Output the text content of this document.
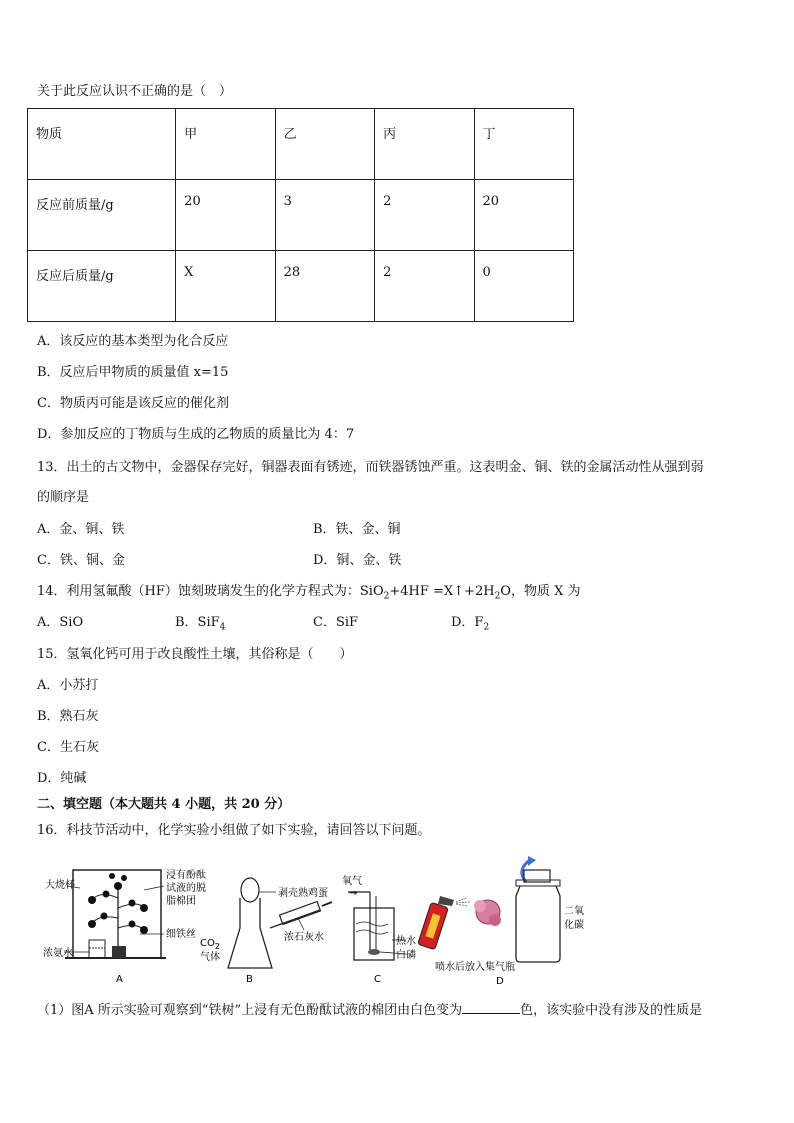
关于此反应认识不正确的是（　）
物质	甲	乙	丙	丁
反应前质量/g	20	3	2	20
反应后质量/g	X	28	2	0
A．该反应的基本类型为化合反应
B．反应后甲物质的质量值 x=15
C．物质丙可能是该反应的催化剂
D．参加反应的丁物质与生成的乙物质的质量比为 4：7
13．出土的古文物中，金器保存完好，铜器表面有锈迹，而铁器锈蚀严重。这表明金、铜、铁的金属活动性从强到弱
的顺序是
A．金、铜、铁	B．铁、金、铜
C．铁、铜、金	D．铜、金、铁
14．利用氢氟酸（HF）蚀刻玻璃发生的化学方程式为：$SiO_2+4HF =X↑+2H_2O$，物质 X 为
A．SiO	B．SiF$_4$	C．SiF	D．$F_2$
15．氢氧化钙可用于改良酸性土壤，其俗称是（　　）
A．小苏打
B．熟石灰
C．生石灰
D．纯碱
二、填空题（本大题共 4 小题，共 20 分）
16．科技节活动中，化学实验小组做了如下实验，请回答以下问题。
大烧杯
浸有酚酞
试液的脱
脂棉团
细铁丝
浓氨水
A
剥壳熟鸡蛋
$CO_2$
气体
浓石灰水
B
氧气
→
热水
白磷
C
喷水后放入集气瓶
二氧
化碳
D
（1）图A 所示实验可观察到“铁树”上浸有无色酚酞试液的棉团由白色变为	色，该实验中没有涉及的性质是
